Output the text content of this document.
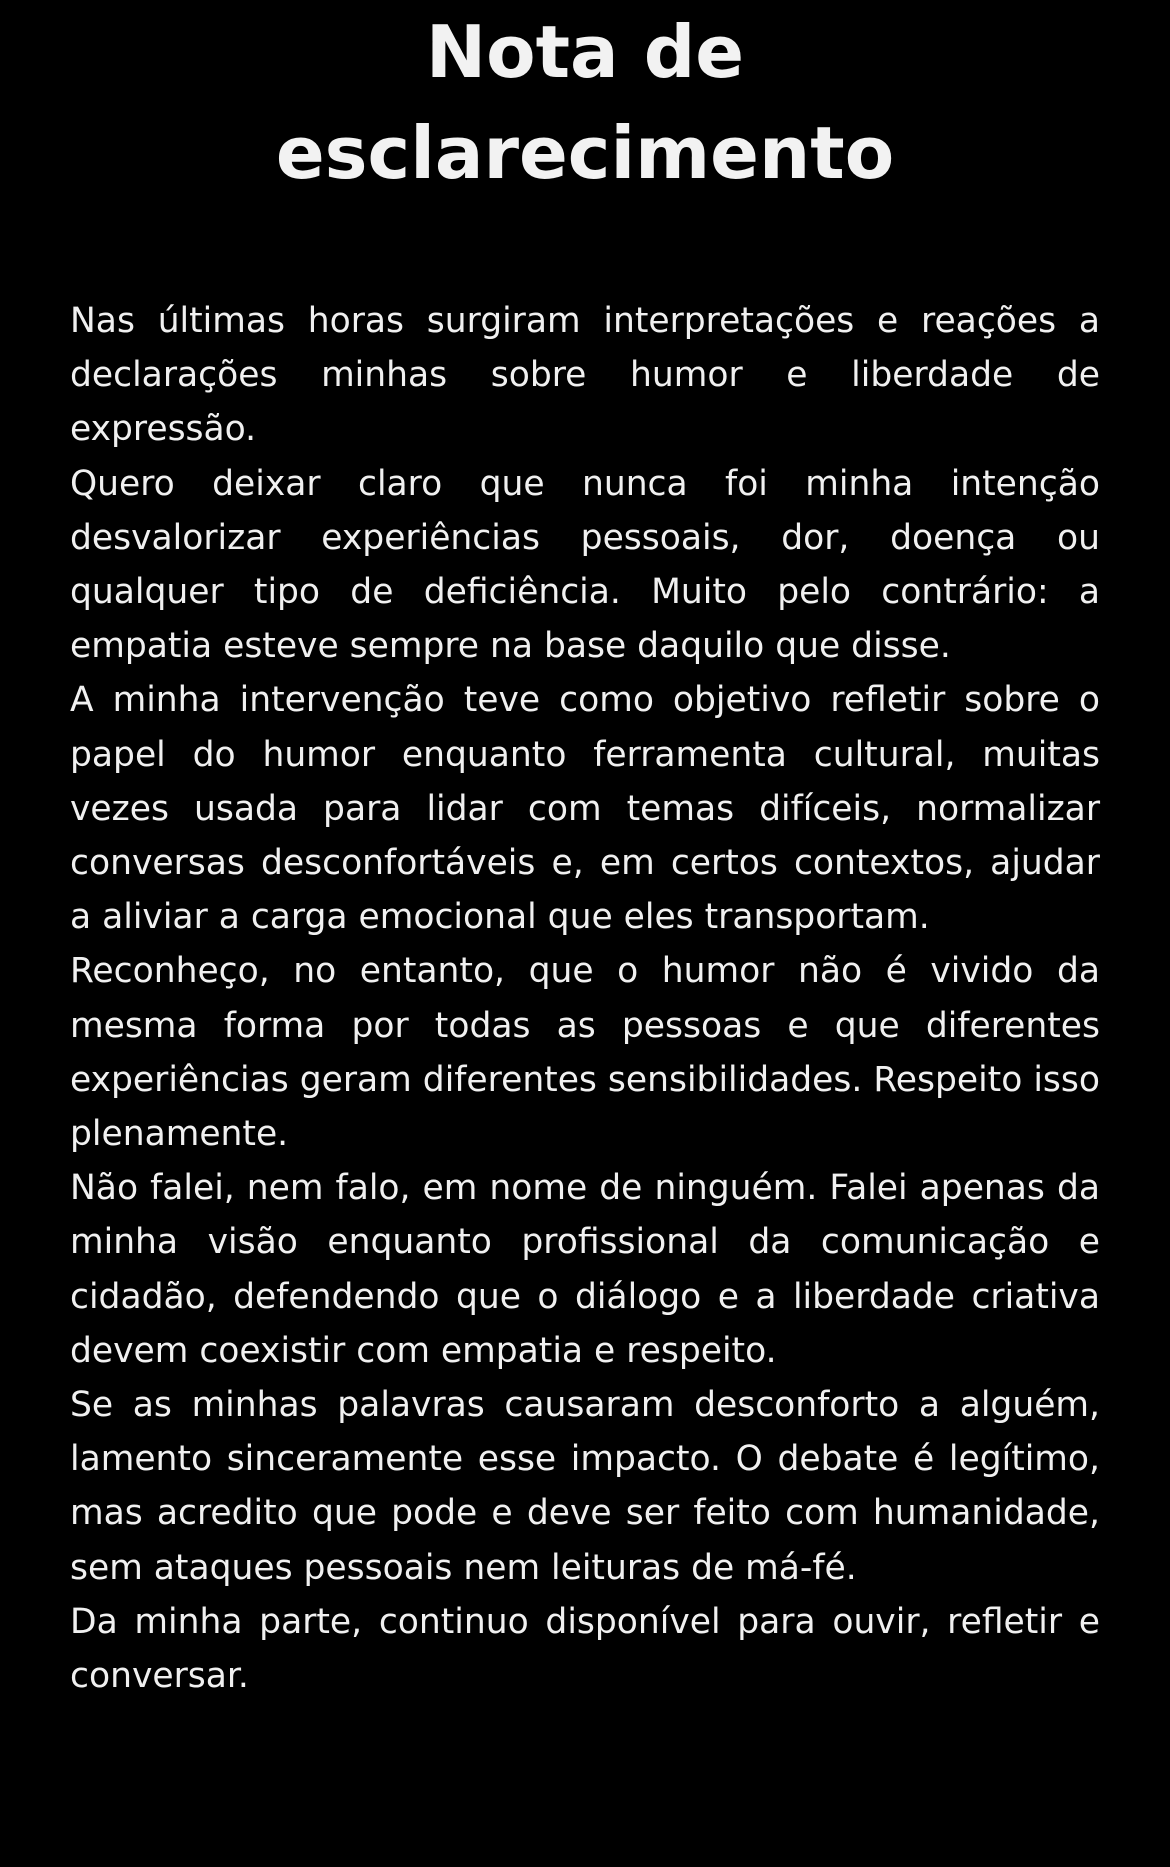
Nota de
esclarecimento

Nas últimas horas surgiram interpretações e reações a declarações minhas sobre humor e liberdade de expressão.

Quero deixar claro que nunca foi minha intenção desvalorizar experiências pessoais, dor, doença ou qualquer tipo de deficiência. Muito pelo contrário: a empatia esteve sempre na base daquilo que disse.

A minha intervenção teve como objetivo refletir sobre o papel do humor enquanto ferramenta cultural, muitas vezes usada para lidar com temas difíceis, normalizar conversas desconfortáveis e, em certos contextos, ajudar a aliviar a carga emocional que eles transportam.

Reconheço, no entanto, que o humor não é vivido da mesma forma por todas as pessoas e que diferentes experiências geram diferentes sensibilidades. Respeito isso plenamente.

Não falei, nem falo, em nome de ninguém. Falei apenas da minha visão enquanto profissional da comunicação e cidadão, defendendo que o diálogo e a liberdade criativa devem coexistir com empatia e respeito.

Se as minhas palavras causaram desconforto a alguém, lamento sinceramente esse impacto. O debate é legítimo, mas acredito que pode e deve ser feito com humanidade, sem ataques pessoais nem leituras de má-fé.

Da minha parte, continuo disponível para ouvir, refletir e conversar.
